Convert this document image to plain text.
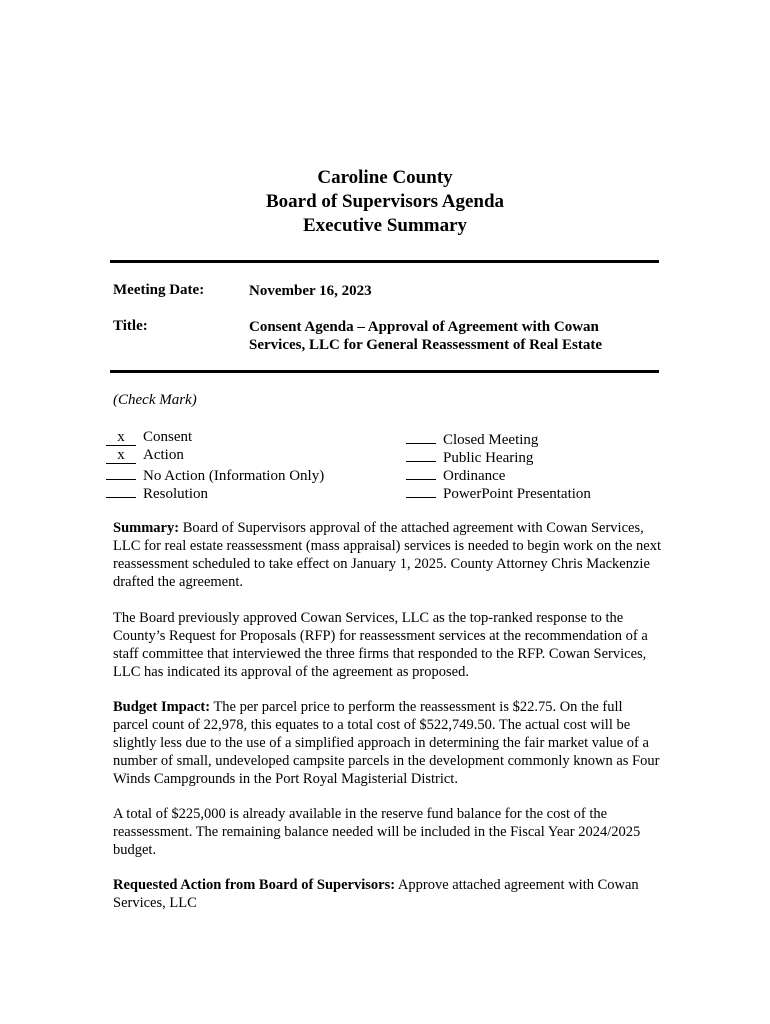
Caroline County
Board of Supervisors Agenda
Executive Summary
Meeting Date:	November 16, 2023
Title:	Consent Agenda – Approval of Agreement with Cowan
Services, LLC for General Reassessment of Real Estate
(Check Mark)
x Consent
x Action
No Action (Information Only)
Resolution
Closed Meeting
Public Hearing
Ordinance
PowerPoint Presentation
Summary: Board of Supervisors approval of the attached agreement with Cowan Services, LLC for real estate reassessment (mass appraisal) services is needed to begin work on the next reassessment scheduled to take effect on January 1, 2025. County Attorney Chris Mackenzie drafted the agreement.
The Board previously approved Cowan Services, LLC as the top-ranked response to the County’s Request for Proposals (RFP) for reassessment services at the recommendation of a staff committee that interviewed the three firms that responded to the RFP. Cowan Services, LLC has indicated its approval of the agreement as proposed.
Budget Impact: The per parcel price to perform the reassessment is $22.75. On the full parcel count of 22,978, this equates to a total cost of $522,749.50. The actual cost will be slightly less due to the use of a simplified approach in determining the fair market value of a number of small, undeveloped campsite parcels in the development commonly known as Four Winds Campgrounds in the Port Royal Magisterial District.
A total of $225,000 is already available in the reserve fund balance for the cost of the reassessment. The remaining balance needed will be included in the Fiscal Year 2024/2025 budget.
Requested Action from Board of Supervisors: Approve attached agreement with Cowan Services, LLC
